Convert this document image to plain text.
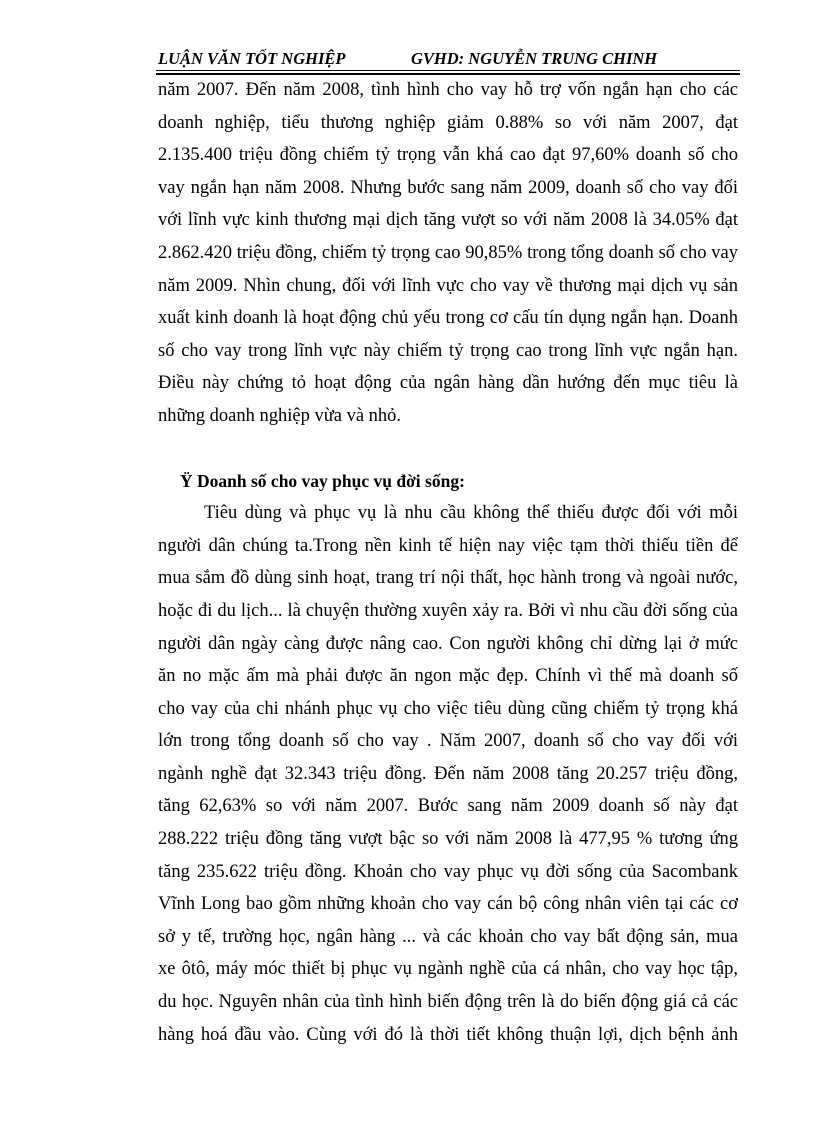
LUẬN VĂN TỐT NGHIỆP	GVHD: NGUYỄN TRUNG CHINH
năm 2007. Đến năm 2008, tình hình cho vay hỗ trợ vốn ngắn hạn cho các
doanh nghiệp, tiểu thương nghiệp giảm 0.88% so với năm 2007, đạt
2.135.400 triệu đồng chiếm tỷ trọng vẫn khá cao đạt 97,60% doanh số cho
vay ngắn hạn năm 2008. Nhưng bước sang năm 2009, doanh số cho vay đối
với lĩnh vực kinh thương mại dịch tăng vượt so với năm 2008 là 34.05% đạt
2.862.420 triệu đồng, chiếm tỷ trọng cao 90,85% trong tổng doanh số cho vay
năm 2009. Nhìn chung, đối với lĩnh vực cho vay về thương mại dịch vụ sản
xuất kinh doanh là hoạt động chủ yếu trong cơ cấu tín dụng ngắn hạn. Doanh
số cho vay trong lĩnh vực này chiếm tỷ trọng cao trong lĩnh vực ngắn hạn.
Điều này chứng tỏ hoạt động của ngân hàng dần hướng đến mục tiêu là
những doanh nghiệp vừa và nhỏ.
Ÿ Doanh số cho vay phục vụ đời sống:
Tiêu dùng và phục vụ là nhu cầu không thể thiếu được đối với mỗi
người dân chúng ta.Trong nền kinh tế hiện nay việc tạm thời thiếu tiền để
mua sắm đồ dùng sinh hoạt, trang trí nội thất, học hành trong và ngoài nước,
hoặc đi du lịch... là chuyện thường xuyên xảy ra. Bởi vì nhu cầu đời sống của
người dân ngày càng được nâng cao. Con người không chỉ dừng lại ở mức
ăn no mặc ấm mà phải được ăn ngon mặc đẹp. Chính vì thế mà doanh số
cho vay của chi nhánh phục vụ cho việc tiêu dùng cũng chiếm tỷ trọng khá
lớn trong tổng doanh số cho vay . Năm 2007, doanh số cho vay đối với
ngành nghề đạt 32.343 triệu đồng. Đến năm 2008 tăng 20.257 triệu đồng,
tăng 62,63% so với năm 2007. Bước sang năm 2009 doanh số này đạt
288.222 triệu đồng tăng vượt bậc so với năm 2008 là 477,95 % tương ứng
tăng 235.622 triệu đồng. Khoản cho vay phục vụ đời sống của Sacombank
Vĩnh Long bao gồm những khoản cho vay cán bộ công nhân viên tại các cơ
sở y tế, trường học, ngân hàng ... và các khoản cho vay bất động sản, mua
xe ôtô, máy móc thiết bị phục vụ ngành nghề của cá nhân, cho vay học tập,
du học. Nguyên nhân của tình hình biến động trên là do biến động giá cả các
hàng hoá đầu vào. Cùng với đó là thời tiết không thuận lợi, dịch bệnh ảnh
